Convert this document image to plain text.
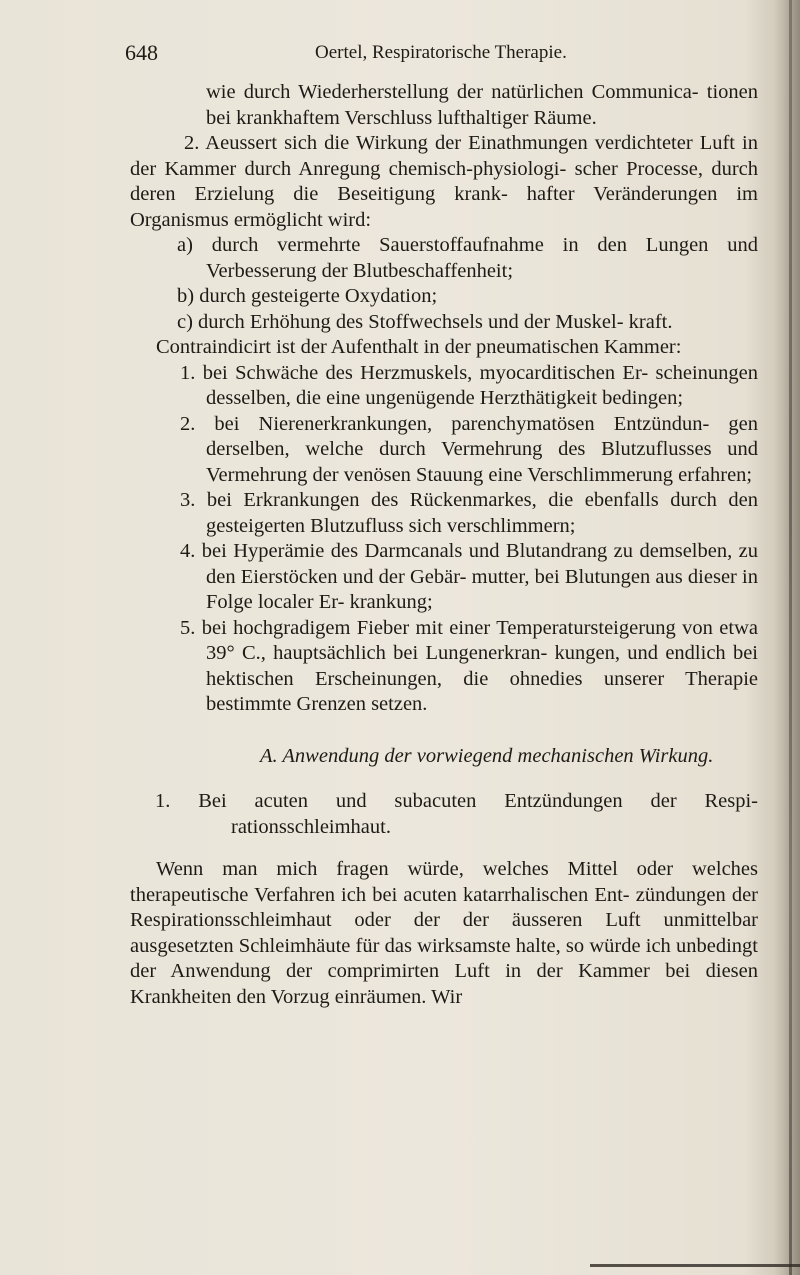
648	Oertel, Respiratorische Therapie.

wie durch Wiederherstellung der natürlichen Communica- tionen bei krankhaftem Verschluss lufthaltiger Räume.

2. Aeussert sich die Wirkung der Einathmungen verdichteter Luft in der Kammer durch Anregung chemisch-physiologi- scher Processe, durch deren Erzielung die Beseitigung krank- hafter Veränderungen im Organismus ermöglicht wird:

a) durch vermehrte Sauerstoffaufnahme in den Lungen und Verbesserung der Blutbeschaffenheit;

b) durch gesteigerte Oxydation;

c) durch Erhöhung des Stoffwechsels und der Muskel- kraft.

Contraindicirt ist der Aufenthalt in der pneumatischen Kammer:

1. bei Schwäche des Herzmuskels, myocarditischen Er- scheinungen desselben, die eine ungenügende Herzthätigkeit bedingen;

2. bei Nierenerkrankungen, parenchymatösen Entzündun- gen derselben, welche durch Vermehrung des Blutzuflusses und Vermehrung der venösen Stauung eine Verschlimmerung erfahren;

3. bei Erkrankungen des Rückenmarkes, die ebenfalls durch den gesteigerten Blutzufluss sich verschlimmern;

4. bei Hyperämie des Darmcanals und Blutandrang zu demselben, zu den Eierstöcken und der Gebär- mutter, bei Blutungen aus dieser in Folge localer Er- krankung;

5. bei hochgradigem Fieber mit einer Temperatursteigerung von etwa 39° C., hauptsächlich bei Lungenerkran- kungen, und endlich bei hektischen Erscheinungen, die ohnedies unserer Therapie bestimmte Grenzen setzen.

A. Anwendung der vorwiegend mechanischen Wirkung.

1. Bei acuten und subacuten Entzündungen der Respi- rationsschleimhaut.

Wenn man mich fragen würde, welches Mittel oder welches therapeutische Verfahren ich bei acuten katarrhalischen Ent- zündungen der Respirationsschleimhaut oder der der äusseren Luft unmittelbar ausgesetzten Schleimhäute für das wirksamste halte, so würde ich unbedingt der Anwendung der comprimirten Luft in der Kammer bei diesen Krankheiten den Vorzug einräumen. Wir
